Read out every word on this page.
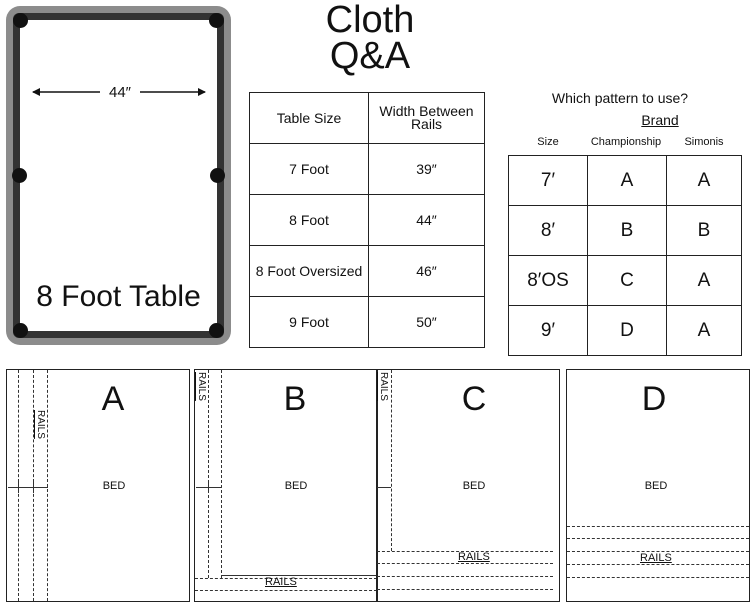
Cloth
Q&A
44″
8 Foot Table
Table Size	Width Between Rails
7 Foot	39″
8 Foot	44″
8 Foot Oversized	46″
9 Foot	50″
Which pattern to use?
Brand
Size	Championship	Simonis
7′	A	A
8′	B	B
8′OS	C	A
9′	D	A
A
RAILS
BED
B
RAILS
RAILS
BED
C
RAILS
RAILS
BED
D
RAILS
BED
